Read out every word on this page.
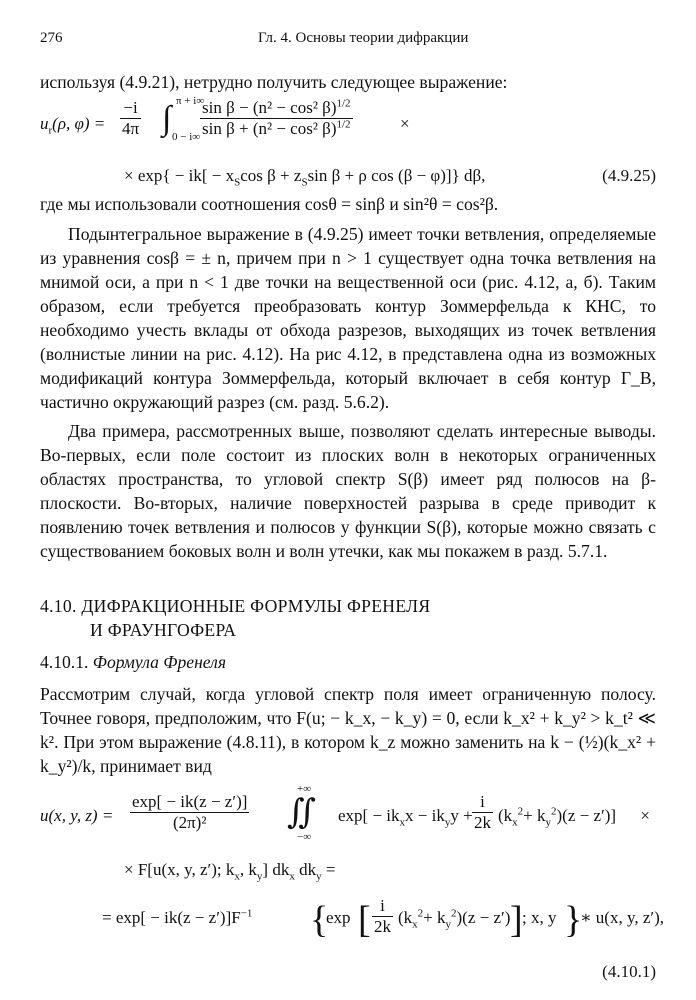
276	Гл. 4. Основы теории дифракции

используя (4.9.21), нетрудно получить следующее выражение:

$u_r(\rho$, $\varphi) = \frac{-i}{4\pi}$ ∫ π + i∞
$0 - i\infty \frac{\sin \beta - (n^2 - \cos^2 \beta)^{1/2}}{\sin \beta + (n^2 - \cos^2 \beta)^{1/2}}$	×
× $\exp\{ - ik[ - x_S\cos$ $\beta + z_S\sin$ β + ρ cos (β − φ)]} dβ,	(4.9.25)

где мы использовали соотношения cosθ = sinβ и sin²θ = cos²β.

Подынтегральное выражение в (4.9.25) имеет точки ветвления, определяемые из уравнения cosβ = ± n, причем при n > 1 существует одна точка ветвления на мнимой оси, а при n < 1 две точки на вещественной оси (рис. 4.12, а, б). Таким образом, если требуется преобразовать контур Зоммерфельда к КНС, то необходимо учесть вклады от обхода разрезов, выходящих из точек ветвления (волнистые линии на рис. 4.12). На рис 4.12, в представлена одна из возможных модификаций контура Зоммерфельда, который включает в себя контур Γ_B, частично окружающий разрез (см. разд. 5.6.2).

Два примера, рассмотренных выше, позволяют сделать интересные выводы. Во-первых, если поле состоит из плоских волн в некоторых ограниченных областях пространства, то угловой спектр S(β) имеет ряд полюсов на β-плоскости. Во-вторых, наличие поверхностей разрыва в среде приводит к появлению точек ветвления и полюсов у функции S(β), которые можно связать с существованием боковых волн и волн утечки, как мы покажем в разд. 5.7.1.

4.10. ДИФРАКЦИОННЫЕ ФОРМУЛЫ ФРЕНЕЛЯ
И ФРАУНГОФЕРА
4.10.1. Формула Френеля

Рассмотрим случай, когда угловой спектр поля имеет ограниченную полосу. Точнее говоря, предположим, что F(u; − k_x, − k_y) = 0, если k_x² + k_y² > k_t² ≪ k². При этом выражение (4.8.11), в котором k_z можно заменить на k − (½)(k_x² + k_y²)/k, принимает вид

u(x, y, $z) = \frac{\exp[ - ik(z - z')]}{\text{(2π)²}}$ ∬
+∞
−∞
$\exp[ - ik_xx - ik_yy + \frac{i}{2k} (k_x^2+ k_y^2)(z - z')]$ ×
× F[u(x, y, z′); $k_x$, $k_y$] $dk_x$ $dk_y$ =
= $\exp[ - ik(z - z')]F^{-1}$ {
exp [ $\frac{i}{2k} (k_x^2+ k_y^2)(z - z')$ ] ; x, y }
∗ u(x, y, z′),
(4.10.1)
